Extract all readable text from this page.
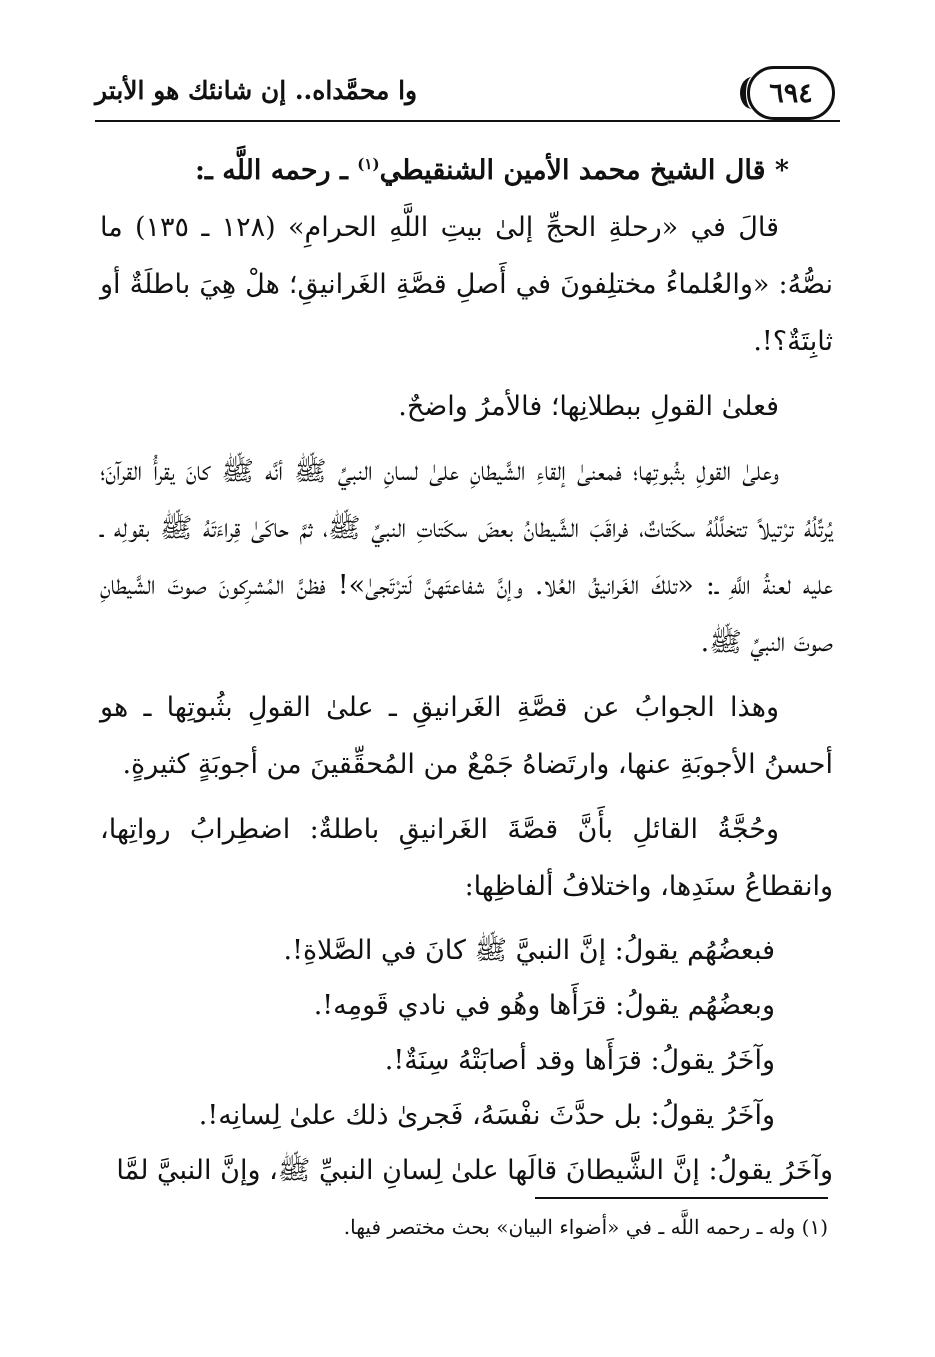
٦٩٤
وا محمَّداه.. إن شانئك هو الأبتر

* قال الشيخ محمد الأمين الشنقيطي$^{(١)}$ ـ رحمه اللَّه ـ:

قالَ في «رحلةِ الحجِّ إلىٰ بيتِ اللَّهِ الحرامِ» (١٢٨ ـ ١٣٥) ما نصُّهُ: «والعُلماءُ مختلِفونَ في أَصلِ قصَّةِ الغَرانيقِ؛ هلْ هِيَ باطلَةٌ أو ثابِتَةٌ؟!.

فعلىٰ القولِ ببطلانِها؛ فالأمرُ واضحٌ.

وعلىٰ القولِ بثُبوتِها؛ فمعنىٰ إلقاءِ الشَّيطانِ علىٰ لسانِ النبيِّ ﷺ أنَّه ﷺ كانَ يقرأُ القرآنَ؛ يُرتِّلُهُ ترْتيلاً تتخلَّلُهُ سكَتاتٌ، فراقَبَ الشَّيطانُ بعضَ سكَتاتِ النبيِّ ﷺ، ثمَّ حاكَىٰ قِراءَتَهُ ﷺ بقولِه ـ عليه لعنةُ اللَّهِ ـ: «تلكَ الغَرانيقُ العُلا. وإنَّ شفاعتَهنَّ لَترْتَجىٰ»! فظنَّ المُشرِكونَ صوتَ الشَّيطانِ صوتَ النبيِّ ﷺ.

وهذا الجوابُ عن قصَّةِ الغَرانيقِ ـ علىٰ القولِ بثُبوتِها ـ هو أحسنُ الأجوبَةِ عنها، وارتَضاهُ جَمْعٌ من المُحقِّقينَ من أجوبَةٍ كثيرةٍ.

وحُجَّةُ القائلِ بأَنَّ قصَّةَ الغَرانيقِ باطلةٌ: اضطِرابُ رواتِها، وانقطاعُ سنَدِها، واختلافُ ألفاظِها:

فبعضُهُم يقولُ: إنَّ النبيَّ ﷺ كانَ في الصَّلاةِ!.

وبعضُهُم يقولُ: قرَأَها وهُو في نادي قَومِه!.

وآخَرُ يقولُ: قرَأَها وقد أصابَتْهُ سِنَةٌ!.

وآخَرُ يقولُ: بل حدَّثَ نفْسَهُ، فَجرىٰ ذلك علىٰ لِسانِه!.

وآخَرُ يقولُ: إنَّ الشَّيطانَ قالَها علىٰ لِسانِ النبيِّ ﷺ، وإنَّ النبيَّ لمَّا

(١) وله ـ رحمه اللَّه ـ في «أضواء البيان» بحث مختصر فيها.
